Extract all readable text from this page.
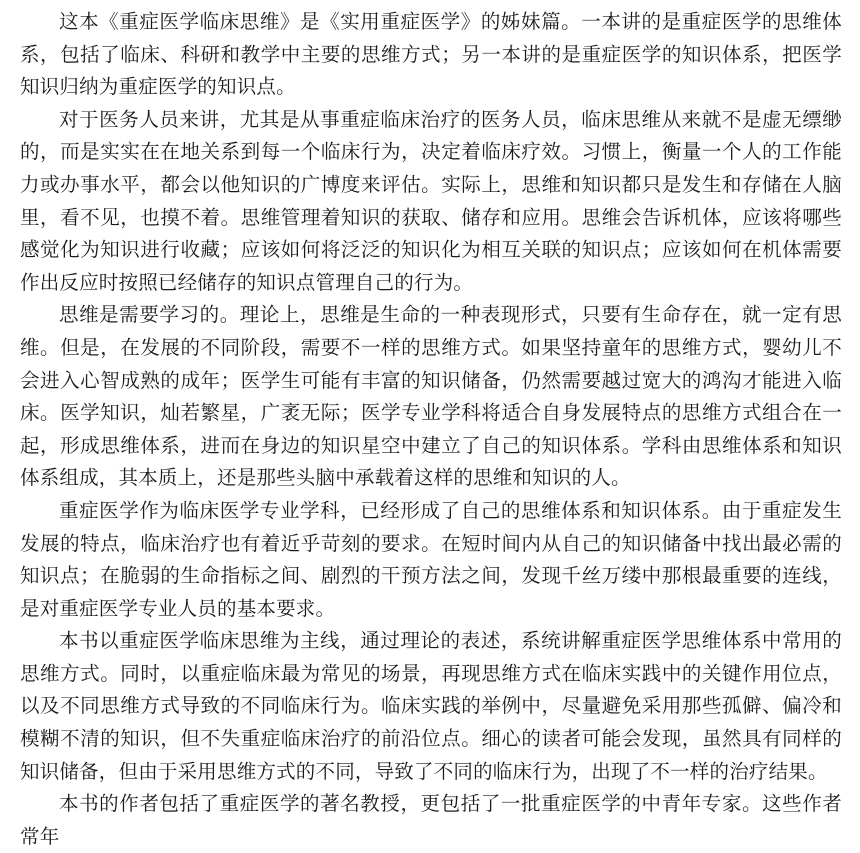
这本《重症医学临床思维》是《实用重症医学》的姊妹篇。一本讲的是重症医学的思维体系，包括了临床、科研和教学中主要的思维方式；另一本讲的是重症医学的知识体系，把医学知识归纳为重症医学的知识点。

对于医务人员来讲，尤其是从事重症临床治疗的医务人员，临床思维从来就不是虚无缥缈的，而是实实在在地关系到每一个临床行为，决定着临床疗效。习惯上，衡量一个人的工作能力或办事水平，都会以他知识的广博度来评估。实际上，思维和知识都只是发生和存储在人脑里，看不见，也摸不着。思维管理着知识的获取、储存和应用。思维会告诉机体，应该将哪些感觉化为知识进行收藏；应该如何将泛泛的知识化为相互关联的知识点；应该如何在机体需要作出反应时按照已经储存的知识点管理自己的行为。

思维是需要学习的。理论上，思维是生命的一种表现形式，只要有生命存在，就一定有思维。但是，在发展的不同阶段，需要不一样的思维方式。如果坚持童年的思维方式，婴幼儿不会进入心智成熟的成年；医学生可能有丰富的知识储备，仍然需要越过宽大的鸿沟才能进入临床。医学知识，灿若繁星，广袤无际；医学专业学科将适合自身发展特点的思维方式组合在一起，形成思维体系，进而在身边的知识星空中建立了自己的知识体系。学科由思维体系和知识体系组成，其本质上，还是那些头脑中承载着这样的思维和知识的人。

重症医学作为临床医学专业学科，已经形成了自己的思维体系和知识体系。由于重症发生发展的特点，临床治疗也有着近乎苛刻的要求。在短时间内从自己的知识储备中找出最必需的知识点；在脆弱的生命指标之间、剧烈的干预方法之间，发现千丝万缕中那根最重要的连线，是对重症医学专业人员的基本要求。

本书以重症医学临床思维为主线，通过理论的表述，系统讲解重症医学思维体系中常用的思维方式。同时，以重症临床最为常见的场景，再现思维方式在临床实践中的关键作用位点，以及不同思维方式导致的不同临床行为。临床实践的举例中，尽量避免采用那些孤僻、偏冷和模糊不清的知识，但不失重症临床治疗的前沿位点。细心的读者可能会发现，虽然具有同样的知识储备，但由于采用思维方式的不同，导致了不同的临床行为，出现了不一样的治疗结果。

本书的作者包括了重症医学的著名教授，更包括了一批重症医学的中青年专家。这些作者常年
